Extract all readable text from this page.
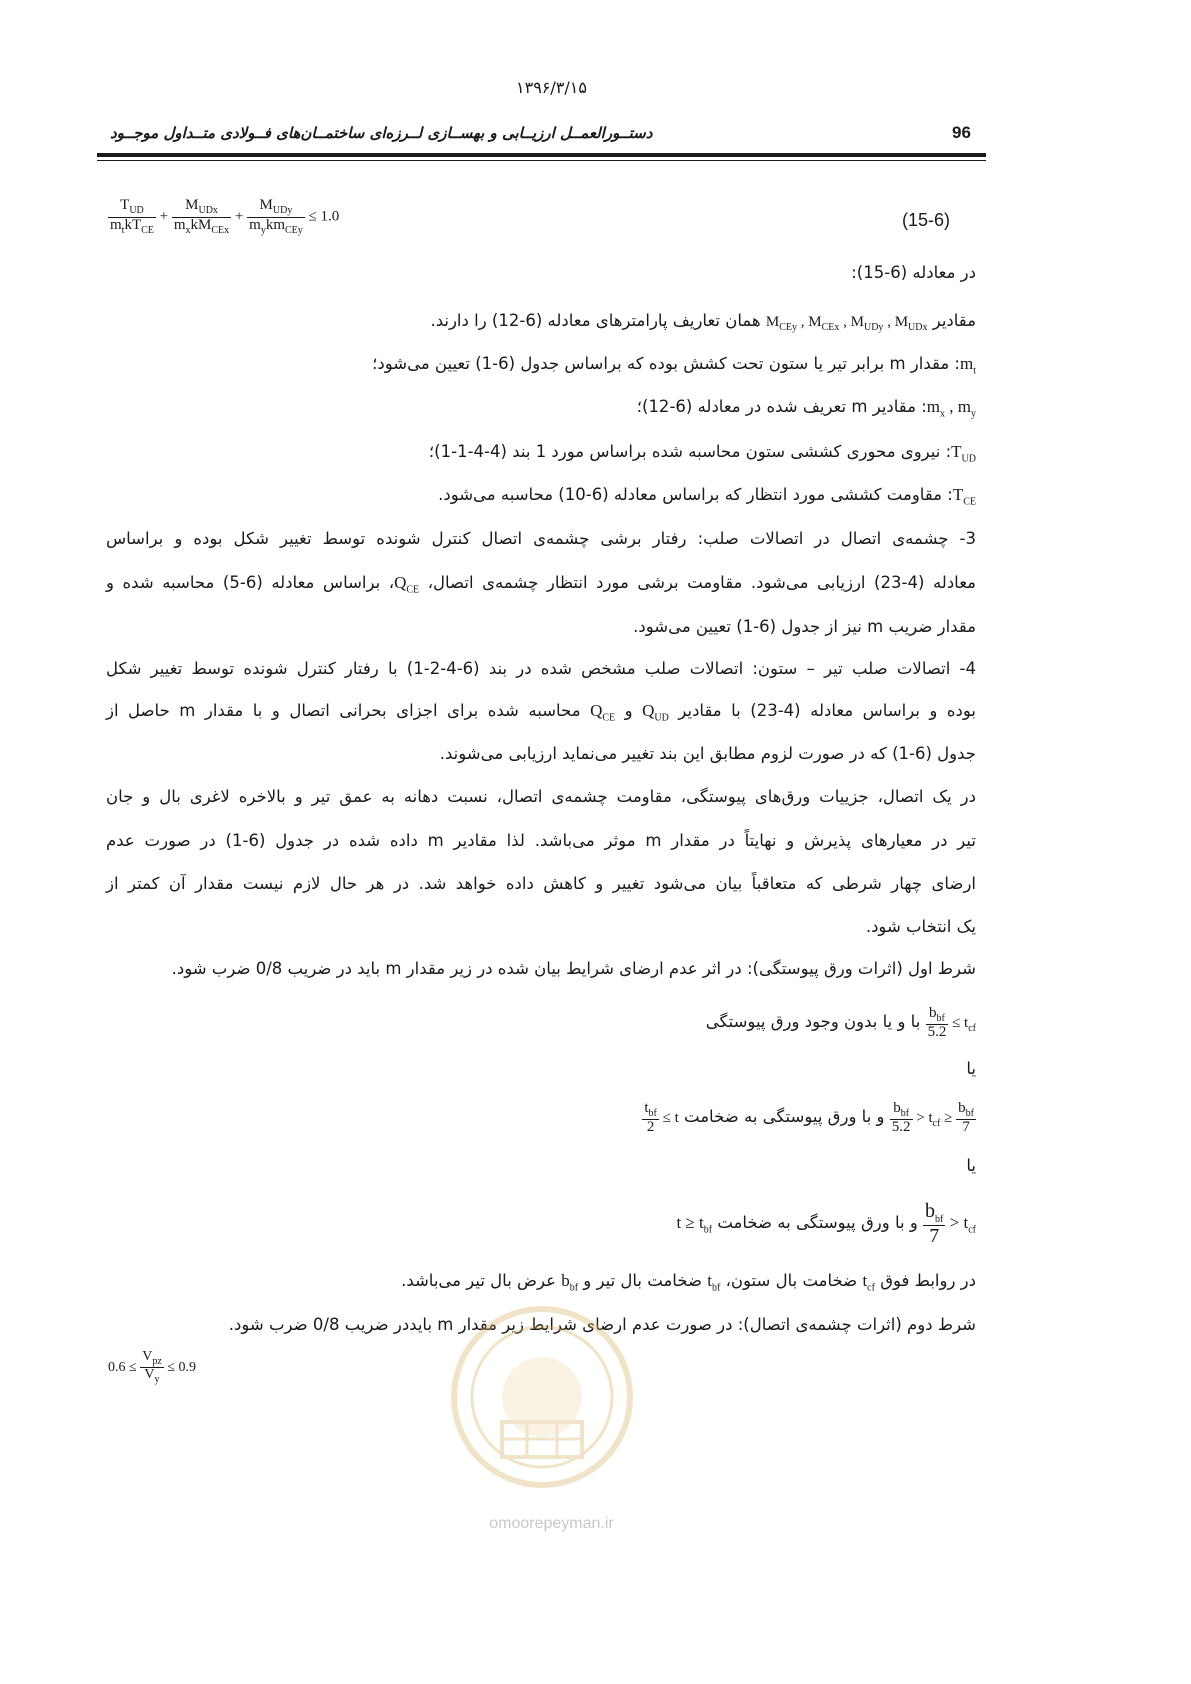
۱۳۹۶/۳/۱۵
96
دستــورالعمــل ارزیــابی و بهســازی لــرزه‌ای ساختمــان‌های فــولادی متــداول موجــود
$\frac{T_{UD}}{m_tkT_{CE}} + \frac{M_{UDx}}{m_xkM_{CEx}} + \frac{M_{UDy}}{m_ykm_{CEy}} \le 1.0$	(15-6)
در معادله (6-15):
مقادیر $M_{CEy}$ , $M_{CEx}$ , $M_{UDy}$ , $M_{UDx}$ همان تعاریف پارامترهای معادله (6-12) را دارند.
$m_t$: مقدار m برابر تیر یا ستون تحت کشش بوده که براساس جدول (6-1) تعیین می‌شود؛
$m_x$ , $m_y$: مقادیر m تعریف شده در معادله (6-12)؛
$T_{UD}$: نیروی محوری کششی ستون محاسبه شده براساس مورد 1 بند (4-4-1-1)؛
$T_{CE}$: مقاومت کششی مورد انتظار که براساس معادله (6-10) محاسبه می‌شود.
3- چشمه‌ی اتصال در اتصالات صلب: رفتار برشی چشمه‌ی اتصال کنترل شونده توسط تغییر شکل بوده و براساس
معادله (4-23) ارزیابی می‌شود. مقاومت برشی مورد انتظار چشمه‌ی اتصال، $Q_{CE}،$ براساس معادله (6-5) محاسبه شده و
مقدار ضریب m نیز از جدول (6-1) تعیین می‌شود.
4- اتصالات صلب تیر – ستون: اتصالات صلب مشخص شده در بند (6-4-2-1) با رفتار کنترل شونده توسط تغییر شکل
بوده و براساس معادله (4-23) با مقادیر $Q_{UD}$ و $Q_{CE}$ محاسبه شده برای اجزای بحرانی اتصال و با مقدار m حاصل از
جدول (6-1) که در صورت لزوم مطابق این بند تغییر می‌نماید ارزیابی می‌شوند.
در یک اتصال، جزییات ورق‌های پیوستگی، مقاومت چشمه‌ی اتصال، نسبت دهانه به عمق تیر و بالاخره لاغری بال و جان
تیر در معیارهای پذیرش و نهایتاً در مقدار m موثر می‌باشد. لذا مقادیر m داده شده در جدول (6-1) در صورت عدم
ارضای چهار شرطی که متعاقباً بیان می‌شود تغییر و کاهش داده خواهد شد. در هر حال لازم نیست مقدار آن کمتر از
یک انتخاب شود.
شرط اول (اثرات ورق پیوستگی): در اثر عدم ارضای شرایط بیان شده در زیر مقدار m باید در ضریب 0/8 ضرب شود.
$t_{cf}$ ≥
$\frac{b_{bf}}{5.2}$
با و یا بدون وجود ورق پیوستگی
یا
$\frac{b_{bf}}{7}$
≤ $t_{cf}$ <
$\frac{b_{bf}}{5.2}$
و با ورق پیوستگی به ضخامت t ≥
$\frac{t_{bf}}{2}$
یا
$t_{cf}$ <
$\frac{b_{bf}}{7}$
و با ورق پیوستگی به ضخامت $t \ge t_{bf}$
در روابط فوق $t_{cf}$ ضخامت بال ستون، $t_{bf}$ ضخامت بال تیر و $b_{bf}$ عرض بال تیر می‌باشد.
شرط دوم (اثرات چشمه‌ی اتصال): در صورت عدم ارضای شرایط زیر مقدار m بایددر ضریب 0/8 ضرب شود.
$0.6 \le \frac{V_{pz}}{V_y} \le 0.9$
omoorepeyman.ir
